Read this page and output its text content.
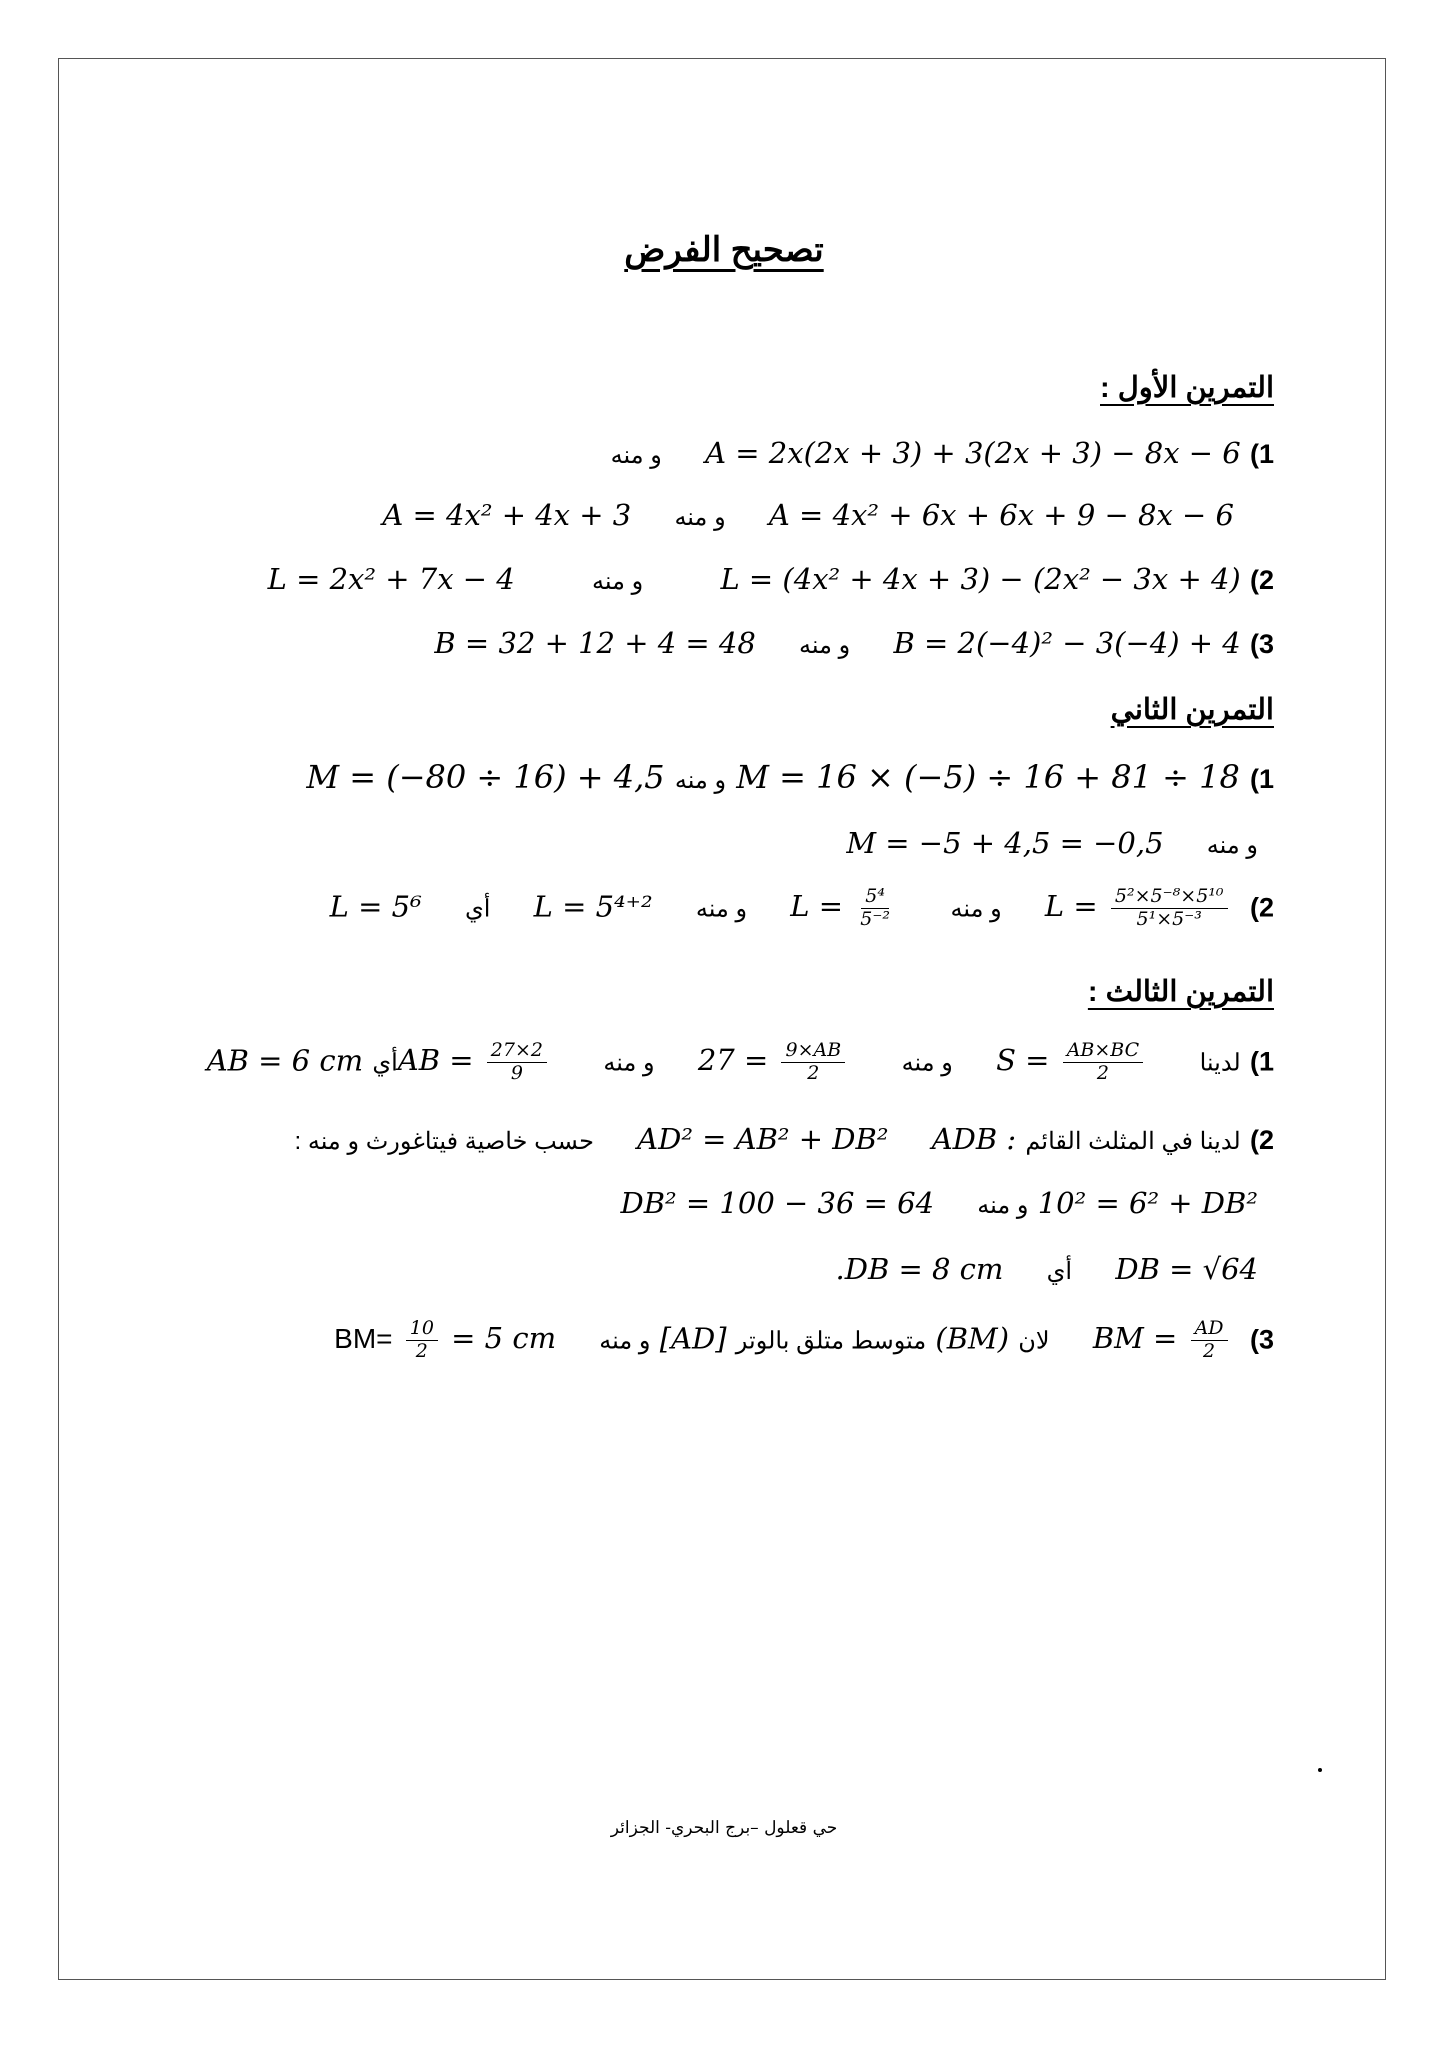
تصحيح الفرض
التمرين الأول :
1) A = 2x(2x + 3) + 3(2x + 3) − 8x − 6 و منه
A = 4x² + 6x + 6x + 9 − 8x − 6 و منه A = 4x² + 4x + 3
2) L = (4x² + 4x + 3) − (2x² − 3x + 4) و منه L = 2x² + 7x − 4
3) B = 2(−4)² − 3(−4) + 4 و منه B = 32 + 12 + 4 = 48
التمرين الثاني
1) M = 16 × (−5) ÷ 16 + 81 ÷ 18 و منه M = (−80 ÷ 16) + 4,5
و منه M = −5 + 4,5 = −0,5
2) $L = \frac{\text{5²×5⁻⁸×5¹⁰}}{\text{5¹×5⁻³}}$
و منه $L = \frac{\text{5⁴}}{\text{5⁻²}}$
و منه L = 5⁴⁺² أي L = 5⁶
التمرين الثالث :
1) لدينا $S = \frac{AB\times BC}{2}$
و منه $27 = \frac{9\times AB}{2}$
و منه AB = $\frac{27\times 2}{9}$
أي AB = 6 cm
2) لدينا في المثلث القائم ADB : AD² = AB² + DB² حسب خاصية فيتاغورث و منه :
10² = 6² + DB² و منه DB² = 100 − 36 = 64
DB = √64 أي .DB = 8 cm
3) BM = $\frac{AD}{2}$
لان (BM) متوسط متلق بالوتر [AD] و منه $BM= \frac{10}{2} = 5$ cm
حي قعلول –برج البحري- الجزائر
